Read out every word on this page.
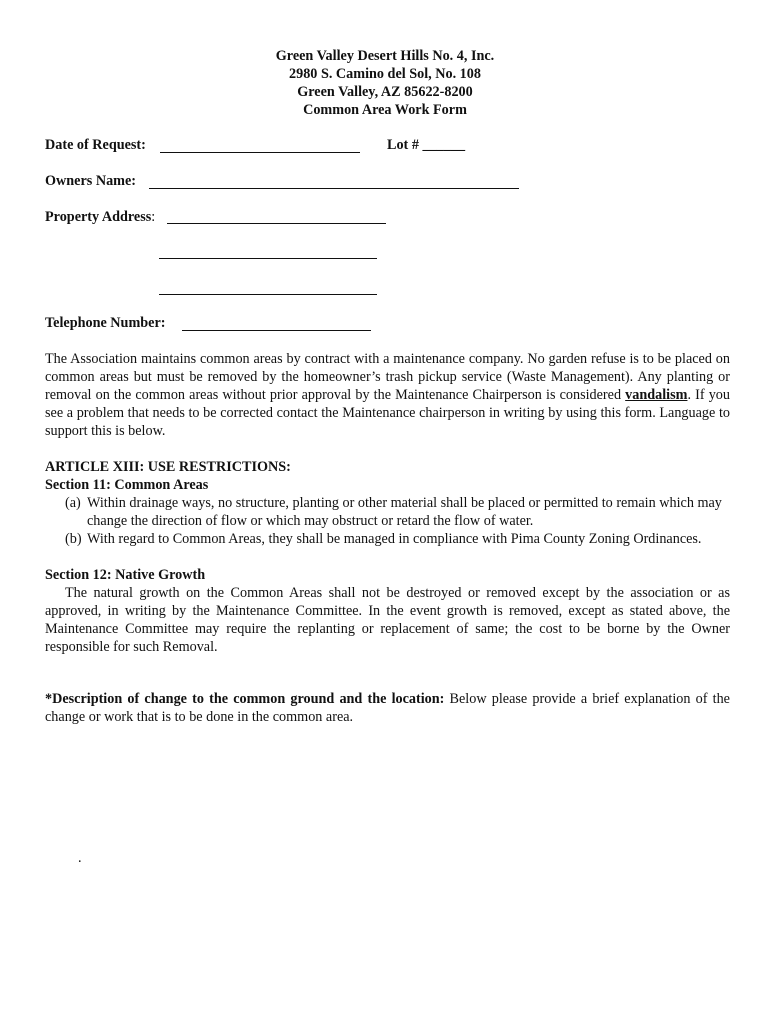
Green Valley Desert Hills No. 4, Inc.
2980 S. Camino del Sol, No. 108
Green Valley, AZ 85622-8200
Common Area Work Form
Date of Request:	Lot # ______
Owners Name:
Property Address:
Telephone Number:
The Association maintains common areas by contract with a maintenance company. No garden refuse is to be placed on common areas but must be removed by the homeowner’s trash pickup service (Waste Management). Any planting or removal on the common areas without prior approval by the Maintenance Chairperson is considered vandalism. If you see a problem that needs to be corrected contact the Maintenance chairperson in writing by using this form. Language to support this is below.
ARTICLE XIII: USE RESTRICTIONS:
Section 11: Common Areas
(a) Within drainage ways, no structure, planting or other material shall be placed or permitted to remain which may change the direction of flow or which may obstruct or retard the flow of water.
(b) With regard to Common Areas, they shall be managed in compliance with Pima County Zoning Ordinances.
Section 12: Native Growth
The natural growth on the Common Areas shall not be destroyed or removed except by the association or as approved, in writing by the Maintenance Committee. In the event growth is removed, except as stated above, the Maintenance Committee may require the replanting or replacement of same; the cost to be borne by the Owner responsible for such Removal.
*Description of change to the common ground and the location: Below please provide a brief explanation of the change or work that is to be done in the common area.
.
